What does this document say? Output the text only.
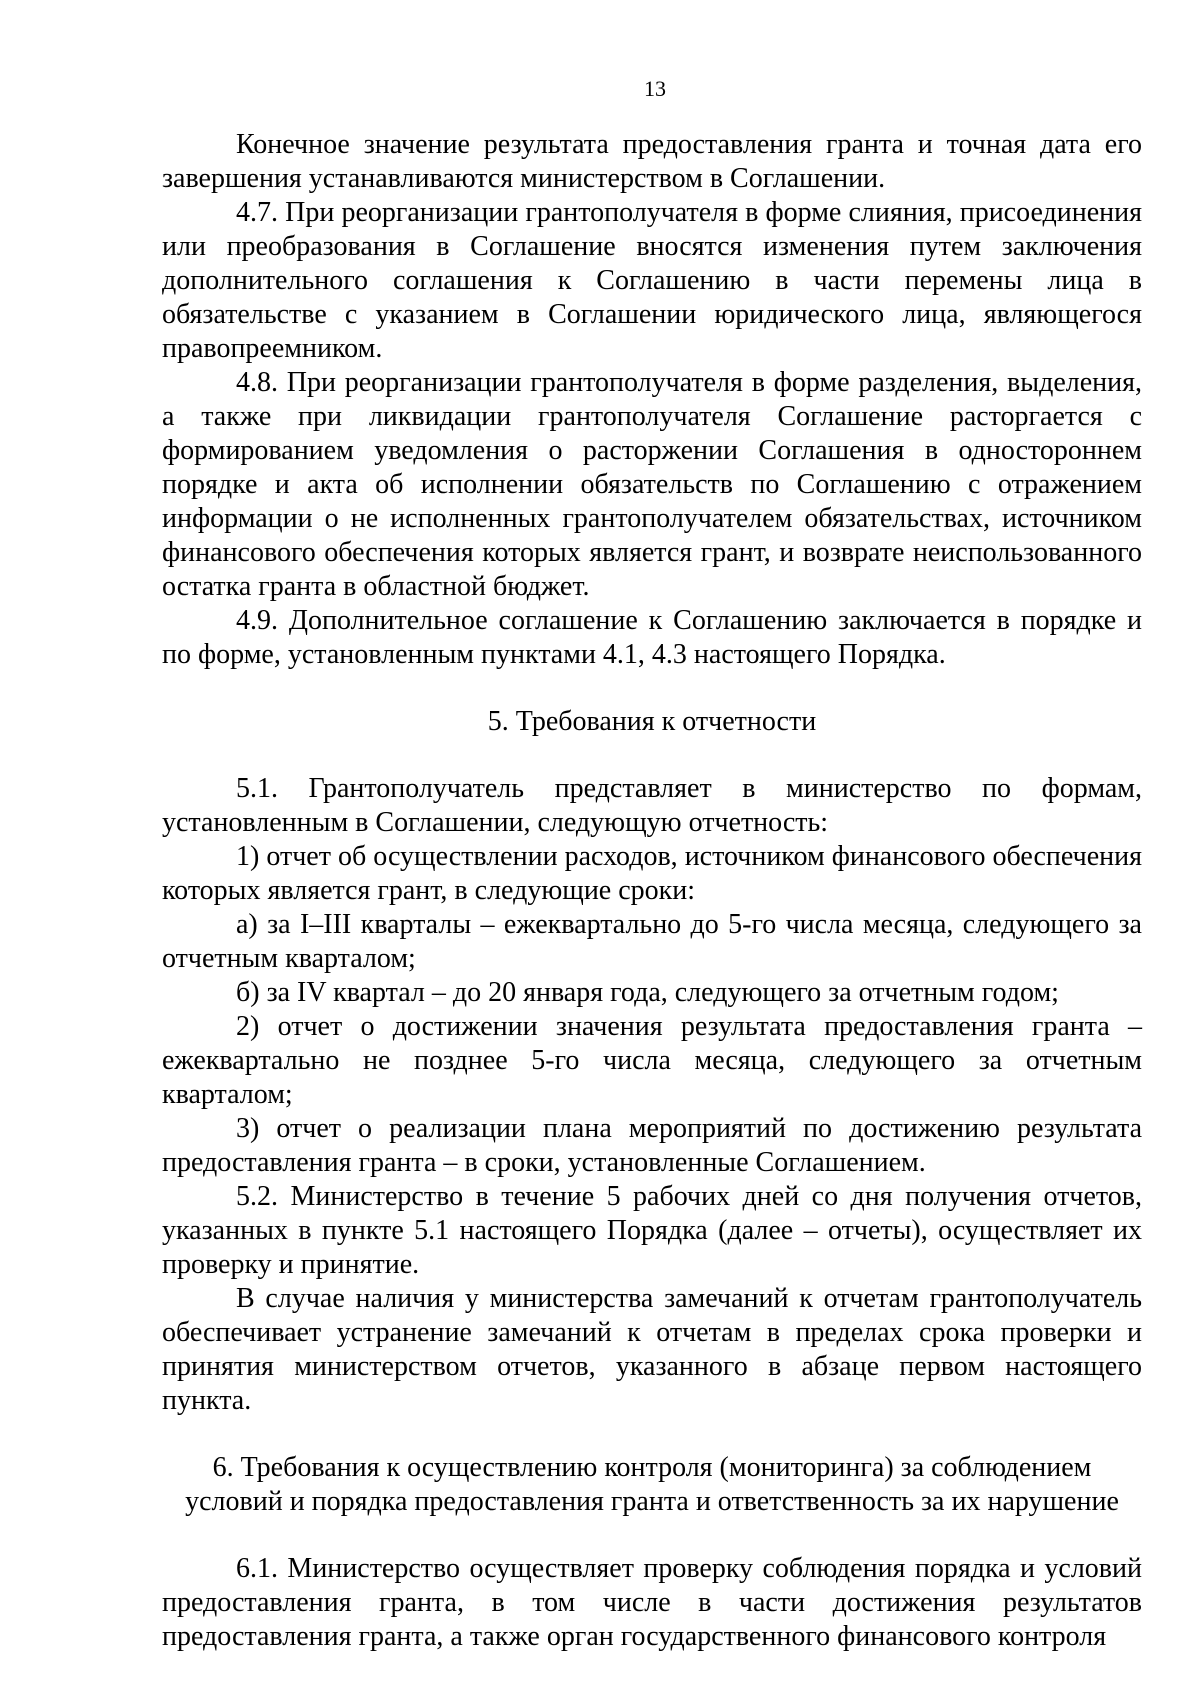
13

Конечное значение результата предоставления гранта и точная дата его завершения устанавливаются министерством в Соглашении.

4.7. При реорганизации грантополучателя в форме слияния, присоединения или преобразования в Соглашение вносятся изменения путем заключения дополнительного соглашения к Соглашению в части перемены лица в обязательстве с указанием в Соглашении юридического лица, являющегося правопреемником.

4.8. При реорганизации грантополучателя в форме разделения, выделения, а также при ликвидации грантополучателя Соглашение расторгается с формированием уведомления о расторжении Соглашения в одностороннем порядке и акта об исполнении обязательств по Соглашению с отражением информации о не исполненных грантополучателем обязательствах, источником финансового обеспечения которых является грант, и возврате неиспользованного остатка гранта в областной бюджет.

4.9. Дополнительное соглашение к Соглашению заключается в порядке и по форме, установленным пунктами 4.1, 4.3 настоящего Порядка.

5. Требования к отчетности

5.1. Грантополучатель представляет в министерство по формам, установленным в Соглашении, следующую отчетность:

1) отчет об осуществлении расходов, источником финансового обеспечения которых является грант, в следующие сроки:

а) за I–III кварталы – ежеквартально до 5-го числа месяца, следующего за отчетным кварталом;

б) за IV квартал – до 20 января года, следующего за отчетным годом;

2) отчет о достижении значения результата предоставления гранта – ежеквартально не позднее 5-го числа месяца, следующего за отчетным кварталом;

3) отчет о реализации плана мероприятий по достижению результата предоставления гранта – в сроки, установленные Соглашением.

5.2. Министерство в течение 5 рабочих дней со дня получения отчетов, указанных в пункте 5.1 настоящего Порядка (далее – отчеты), осуществляет их проверку и принятие.

В случае наличия у министерства замечаний к отчетам грантополучатель обеспечивает устранение замечаний к отчетам в пределах срока проверки и принятия министерством отчетов, указанного в абзаце первом настоящего пункта.

6. Требования к осуществлению контроля (мониторинга) за соблюдением
условий и порядка предоставления гранта и ответственность за их нарушение

6.1. Министерство осуществляет проверку соблюдения порядка и условий предоставления гранта, в том числе в части достижения результатов предоставления гранта, а также орган государственного финансового контроля
